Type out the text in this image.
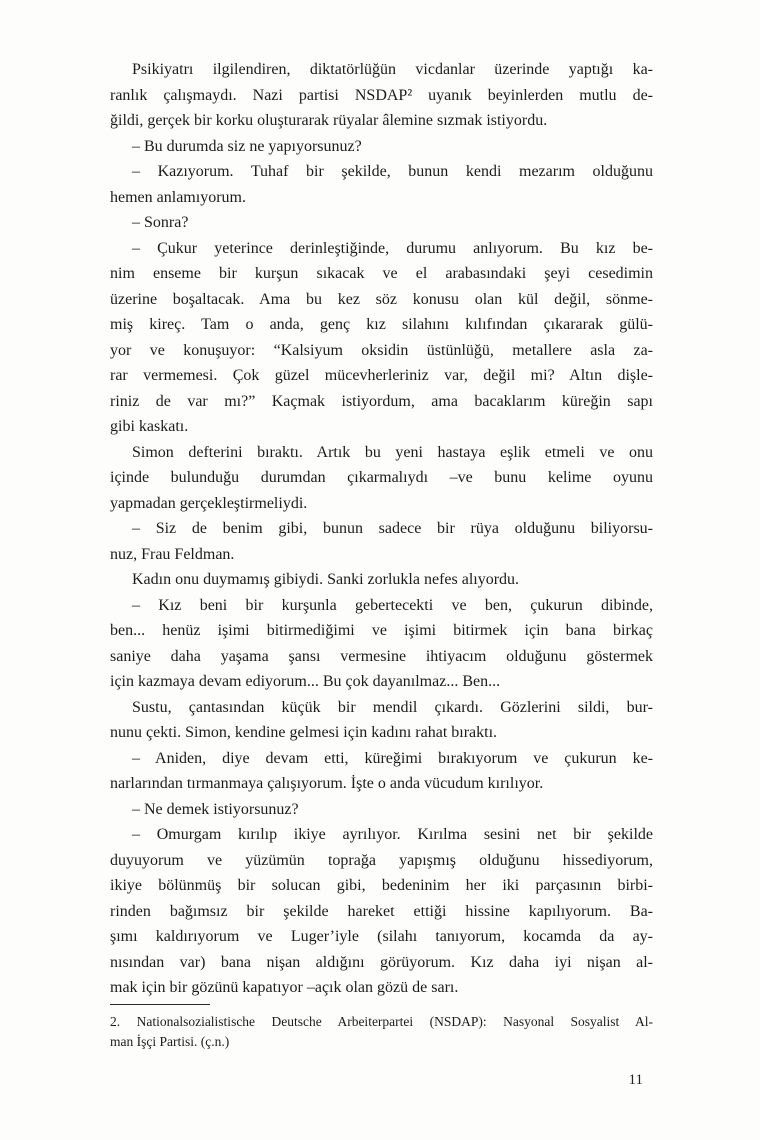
Psikiyatrı ilgilendiren, diktatörlüğün vicdanlar üzerinde yaptığı ka-
ranlık çalışmaydı. Nazi partisi NSDAP² uyanık beyinlerden mutlu de-
ğildi, gerçek bir korku oluşturarak rüyalar âlemine sızmak istiyordu.
– Bu durumda siz ne yapıyorsunuz?
– Kazıyorum. Tuhaf bir şekilde, bunun kendi mezarım olduğunu
hemen anlamıyorum.
– Sonra?
– Çukur yeterince derinleştiğinde, durumu anlıyorum. Bu kız be-
nim enseme bir kurşun sıkacak ve el arabasındaki şeyi cesedimin
üzerine boşaltacak. Ama bu kez söz konusu olan kül değil, sönme-
miş kireç. Tam o anda, genç kız silahını kılıfından çıkararak gülü-
yor ve konuşuyor: “Kalsiyum oksidin üstünlüğü, metallere asla za-
rar vermemesi. Çok güzel mücevherleriniz var, değil mi? Altın dişle-
riniz de var mı?” Kaçmak istiyordum, ama bacaklarım küreğin sapı
gibi kaskatı.
Simon defterini bıraktı. Artık bu yeni hastaya eşlik etmeli ve onu
içinde bulunduğu durumdan çıkarmalıydı –ve bunu kelime oyunu
yapmadan gerçekleştirmeliydi.
– Siz de benim gibi, bunun sadece bir rüya olduğunu biliyorsu-
nuz, Frau Feldman.
Kadın onu duymamış gibiydi. Sanki zorlukla nefes alıyordu.
– Kız beni bir kurşunla gebertecekti ve ben, çukurun dibinde,
ben... henüz işimi bitirmediğimi ve işimi bitirmek için bana birkaç
saniye daha yaşama şansı vermesine ihtiyacım olduğunu göstermek
için kazmaya devam ediyorum... Bu çok dayanılmaz... Ben...
Sustu, çantasından küçük bir mendil çıkardı. Gözlerini sildi, bur-
nunu çekti. Simon, kendine gelmesi için kadını rahat bıraktı.
– Aniden, diye devam etti, küreğimi bırakıyorum ve çukurun ke-
narlarından tırmanmaya çalışıyorum. İşte o anda vücudum kırılıyor.
– Ne demek istiyorsunuz?
– Omurgam kırılıp ikiye ayrılıyor. Kırılma sesini net bir şekilde
duyuyorum ve yüzümün toprağa yapışmış olduğunu hissediyorum,
ikiye bölünmüş bir solucan gibi, bedeninim her iki parçasının birbi-
rinden bağımsız bir şekilde hareket ettiği hissine kapılıyorum. Ba-
şımı kaldırıyorum ve Luger’iyle (silahı tanıyorum, kocamda da ay-
nısından var) bana nişan aldığını görüyorum. Kız daha iyi nişan al-
mak için bir gözünü kapatıyor –açık olan gözü de sarı.
2. Nationalsozialistische Deutsche Arbeiterpartei (NSDAP): Nasyonal Sosyalist Al-
man İşçi Partisi. (ç.n.)
11
